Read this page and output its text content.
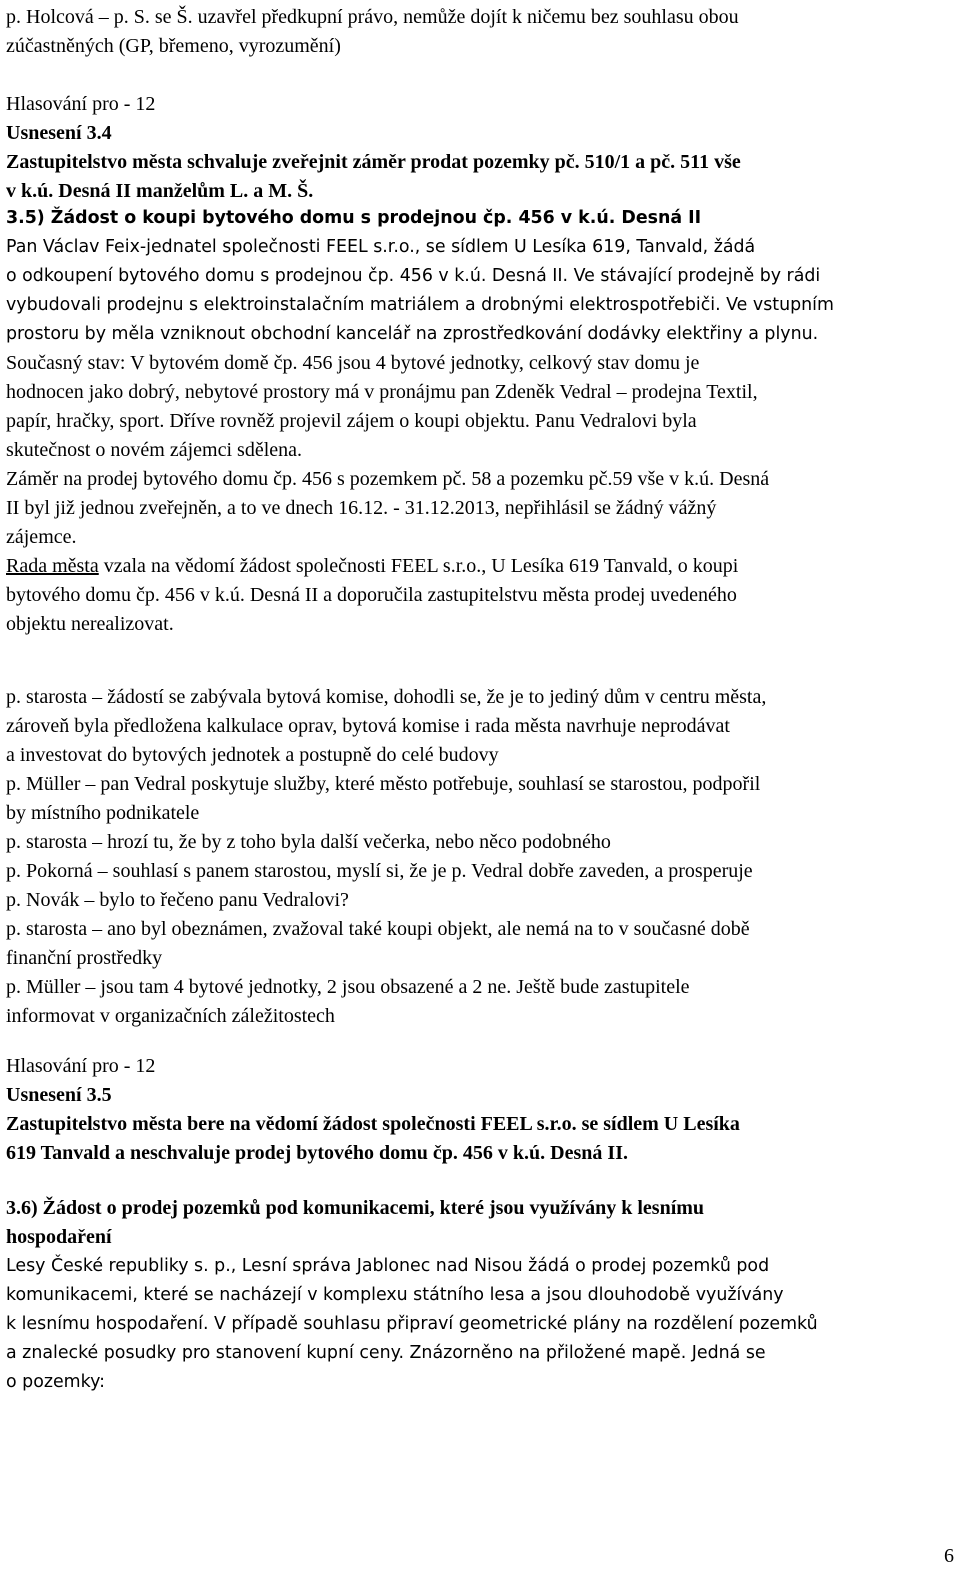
p. Holcová – p. S. se Š. uzavřel předkupní právo, nemůže dojít k ničemu bez souhlasu obou
zúčastněných (GP, břemeno, vyrozumění)
Hlasování pro - 12
Usnesení 3.4
Zastupitelstvo města schvaluje zveřejnit záměr prodat pozemky pč. 510/1 a pč. 511 vše
v k.ú. Desná II manželům L. a M. Š.
3.5) Žádost o koupi bytového domu s prodejnou čp. 456 v k.ú. Desná II
Pan Václav Feix-jednatel společnosti FEEL s.r.o., se sídlem U Lesíka 619, Tanvald, žádá
o odkoupení bytového domu s prodejnou čp. 456 v k.ú. Desná II. Ve stávající prodejně by rádi
vybudovali prodejnu s elektroinstalačním matriálem a drobnými elektrospotřebiči. Ve vstupním
prostoru by měla vzniknout obchodní kancelář na zprostředkování dodávky elektřiny a plynu.
Současný stav: V bytovém domě čp. 456 jsou 4 bytové jednotky, celkový stav domu je
hodnocen jako dobrý, nebytové prostory má v pronájmu pan Zdeněk Vedral – prodejna Textil,
papír, hračky, sport. Dříve rovněž projevil zájem o koupi objektu. Panu Vedralovi byla
skutečnost o novém zájemci sdělena.
Záměr na prodej bytového domu čp. 456 s pozemkem pč. 58 a pozemku pč.59 vše v k.ú. Desná
II byl již jednou zveřejněn, a to ve dnech 16.12. - 31.12.2013, nepřihlásil se žádný vážný
zájemce.
Rada města vzala na vědomí žádost společnosti FEEL s.r.o., U Lesíka 619 Tanvald, o koupi
bytového domu čp. 456 v k.ú. Desná II a doporučila zastupitelstvu města prodej uvedeného
objektu nerealizovat.
p. starosta – žádostí se zabývala bytová komise, dohodli se, že je to jediný dům v centru města,
zároveň byla předložena kalkulace oprav, bytová komise i rada města navrhuje neprodávat
a investovat do bytových jednotek a postupně do celé budovy
p. Müller – pan Vedral poskytuje služby, které město potřebuje, souhlasí se starostou, podpořil
by místního podnikatele
p. starosta – hrozí tu, že by z toho byla další večerka, nebo něco podobného
p. Pokorná – souhlasí s panem starostou, myslí si, že je p. Vedral dobře zaveden, a prosperuje
p. Novák – bylo to řečeno panu Vedralovi?
p. starosta – ano byl obeznámen, zvažoval také koupi objekt, ale nemá na to v současné době
finanční prostředky
p. Müller – jsou tam 4 bytové jednotky, 2 jsou obsazené a 2 ne. Ještě bude zastupitele
informovat v organizačních záležitostech
Hlasování pro - 12
Usnesení 3.5
Zastupitelstvo města bere na vědomí žádost společnosti FEEL s.r.o. se sídlem U Lesíka
619 Tanvald a neschvaluje prodej bytového domu čp. 456 v k.ú. Desná II.
3.6) Žádost o prodej pozemků pod komunikacemi, které jsou využívány k lesnímu
hospodaření
Lesy České republiky s. p., Lesní správa Jablonec nad Nisou žádá o prodej pozemků pod
komunikacemi, které se nacházejí v komplexu státního lesa a jsou dlouhodobě využívány
k lesnímu hospodaření. V případě souhlasu připraví geometrické plány na rozdělení pozemků
a znalecké posudky pro stanovení kupní ceny. Znázorněno na přiložené mapě. Jedná se
o pozemky:
6
